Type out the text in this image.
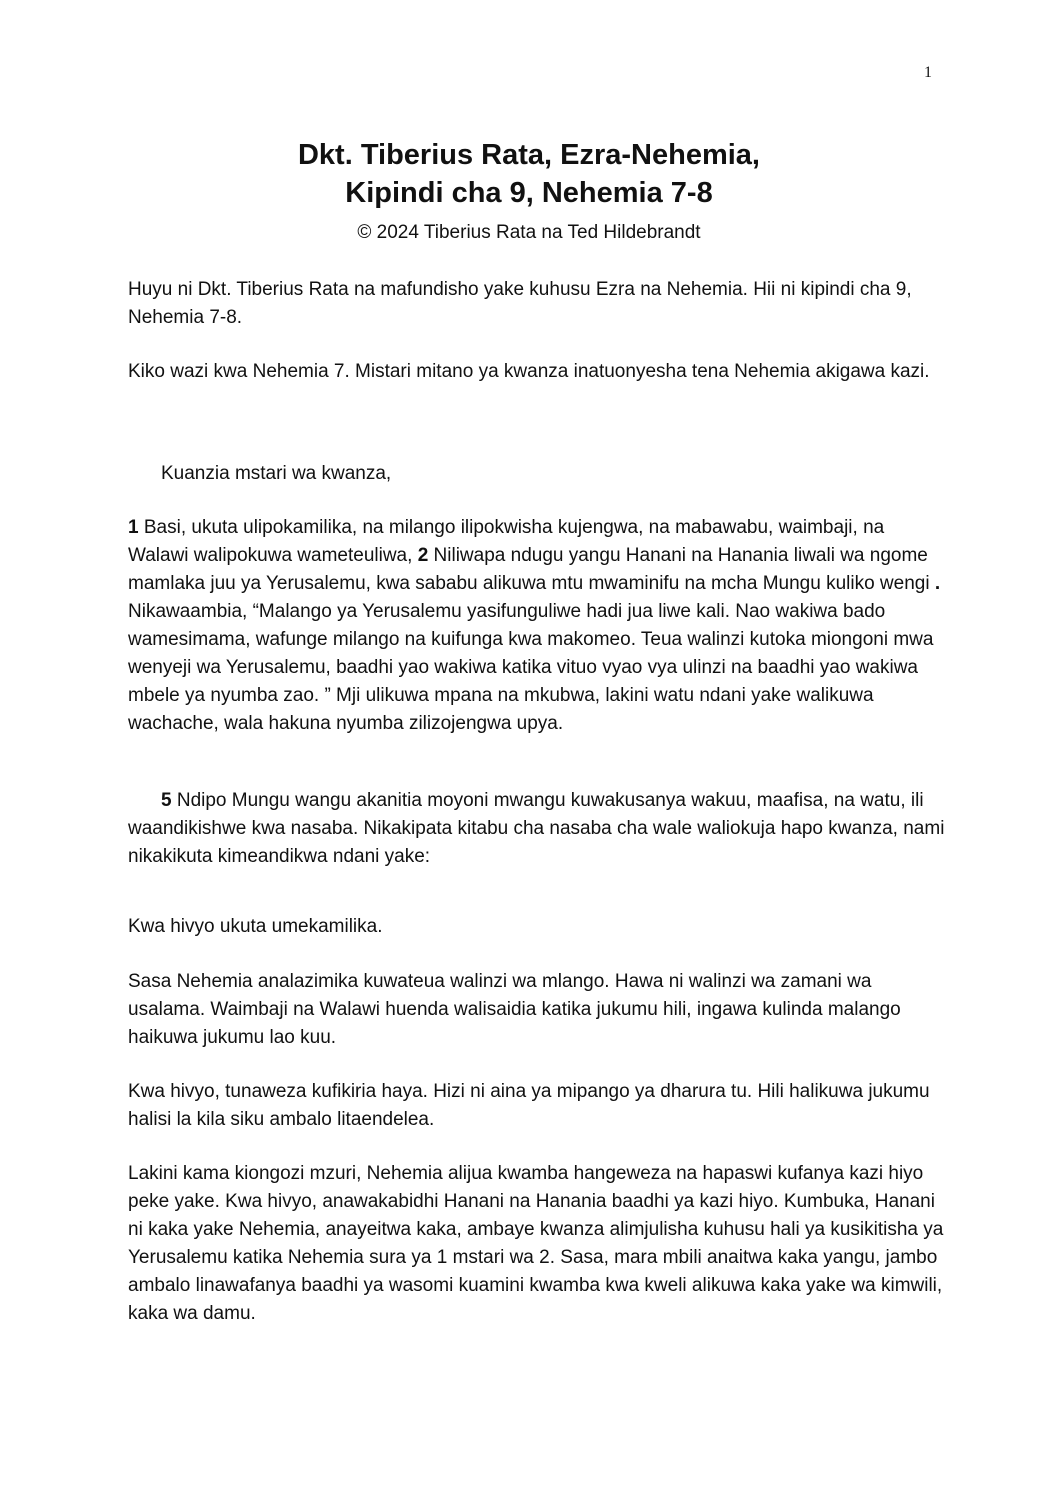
1
Dkt. Tiberius Rata, Ezra-Nehemia,
Kipindi cha 9, Nehemia 7-8
© 2024 Tiberius Rata na Ted Hildebrandt
Huyu ni Dkt. Tiberius Rata na mafundisho yake kuhusu Ezra na Nehemia. Hii ni kipindi cha 9, Nehemia 7-8.
Kiko wazi kwa Nehemia 7. Mistari mitano ya kwanza inatuonyesha tena Nehemia akigawa kazi.
Kuanzia mstari wa kwanza,
1 Basi, ukuta ulipokamilika, na milango ilipokwisha kujengwa, na mabawabu, waimbaji, na Walawi walipokuwa wameteuliwa, 2 Niliwapa ndugu yangu Hanani na Hanania liwali wa ngome mamlaka juu ya Yerusalemu, kwa sababu alikuwa mtu mwaminifu na mcha Mungu kuliko wengi . Nikawaambia, “Malango ya Yerusalemu yasifunguliwe hadi jua liwe kali. Nao wakiwa bado wamesimama, wafunge milango na kuifunga kwa makomeo. Teua walinzi kutoka miongoni mwa wenyeji wa Yerusalemu, baadhi yao wakiwa katika vituo vyao vya ulinzi na baadhi yao wakiwa mbele ya nyumba zao. ” Mji ulikuwa mpana na mkubwa, lakini watu ndani yake walikuwa wachache, wala hakuna nyumba zilizojengwa upya.
5 Ndipo Mungu wangu akanitia moyoni mwangu kuwakusanya wakuu, maafisa, na watu, ili waandikishwe kwa nasaba. Nikakipata kitabu cha nasaba cha wale waliokuja hapo kwanza, nami nikakikuta kimeandikwa ndani yake:
Kwa hivyo ukuta umekamilika.
Sasa Nehemia analazimika kuwateua walinzi wa mlango. Hawa ni walinzi wa zamani wa usalama. Waimbaji na Walawi huenda walisaidia katika jukumu hili, ingawa kulinda malango haikuwa jukumu lao kuu.
Kwa hivyo, tunaweza kufikiria haya. Hizi ni aina ya mipango ya dharura tu. Hili halikuwa jukumu halisi la kila siku ambalo litaendelea.
Lakini kama kiongozi mzuri, Nehemia alijua kwamba hangeweza na hapaswi kufanya kazi hiyo peke yake. Kwa hivyo, anawakabidhi Hanani na Hanania baadhi ya kazi hiyo. Kumbuka, Hanani ni kaka yake Nehemia, anayeitwa kaka, ambaye kwanza alimjulisha kuhusu hali ya kusikitisha ya Yerusalemu katika Nehemia sura ya 1 mstari wa 2. Sasa, mara mbili anaitwa kaka yangu, jambo ambalo linawafanya baadhi ya wasomi kuamini kwamba kwa kweli alikuwa kaka yake wa kimwili, kaka wa damu.
